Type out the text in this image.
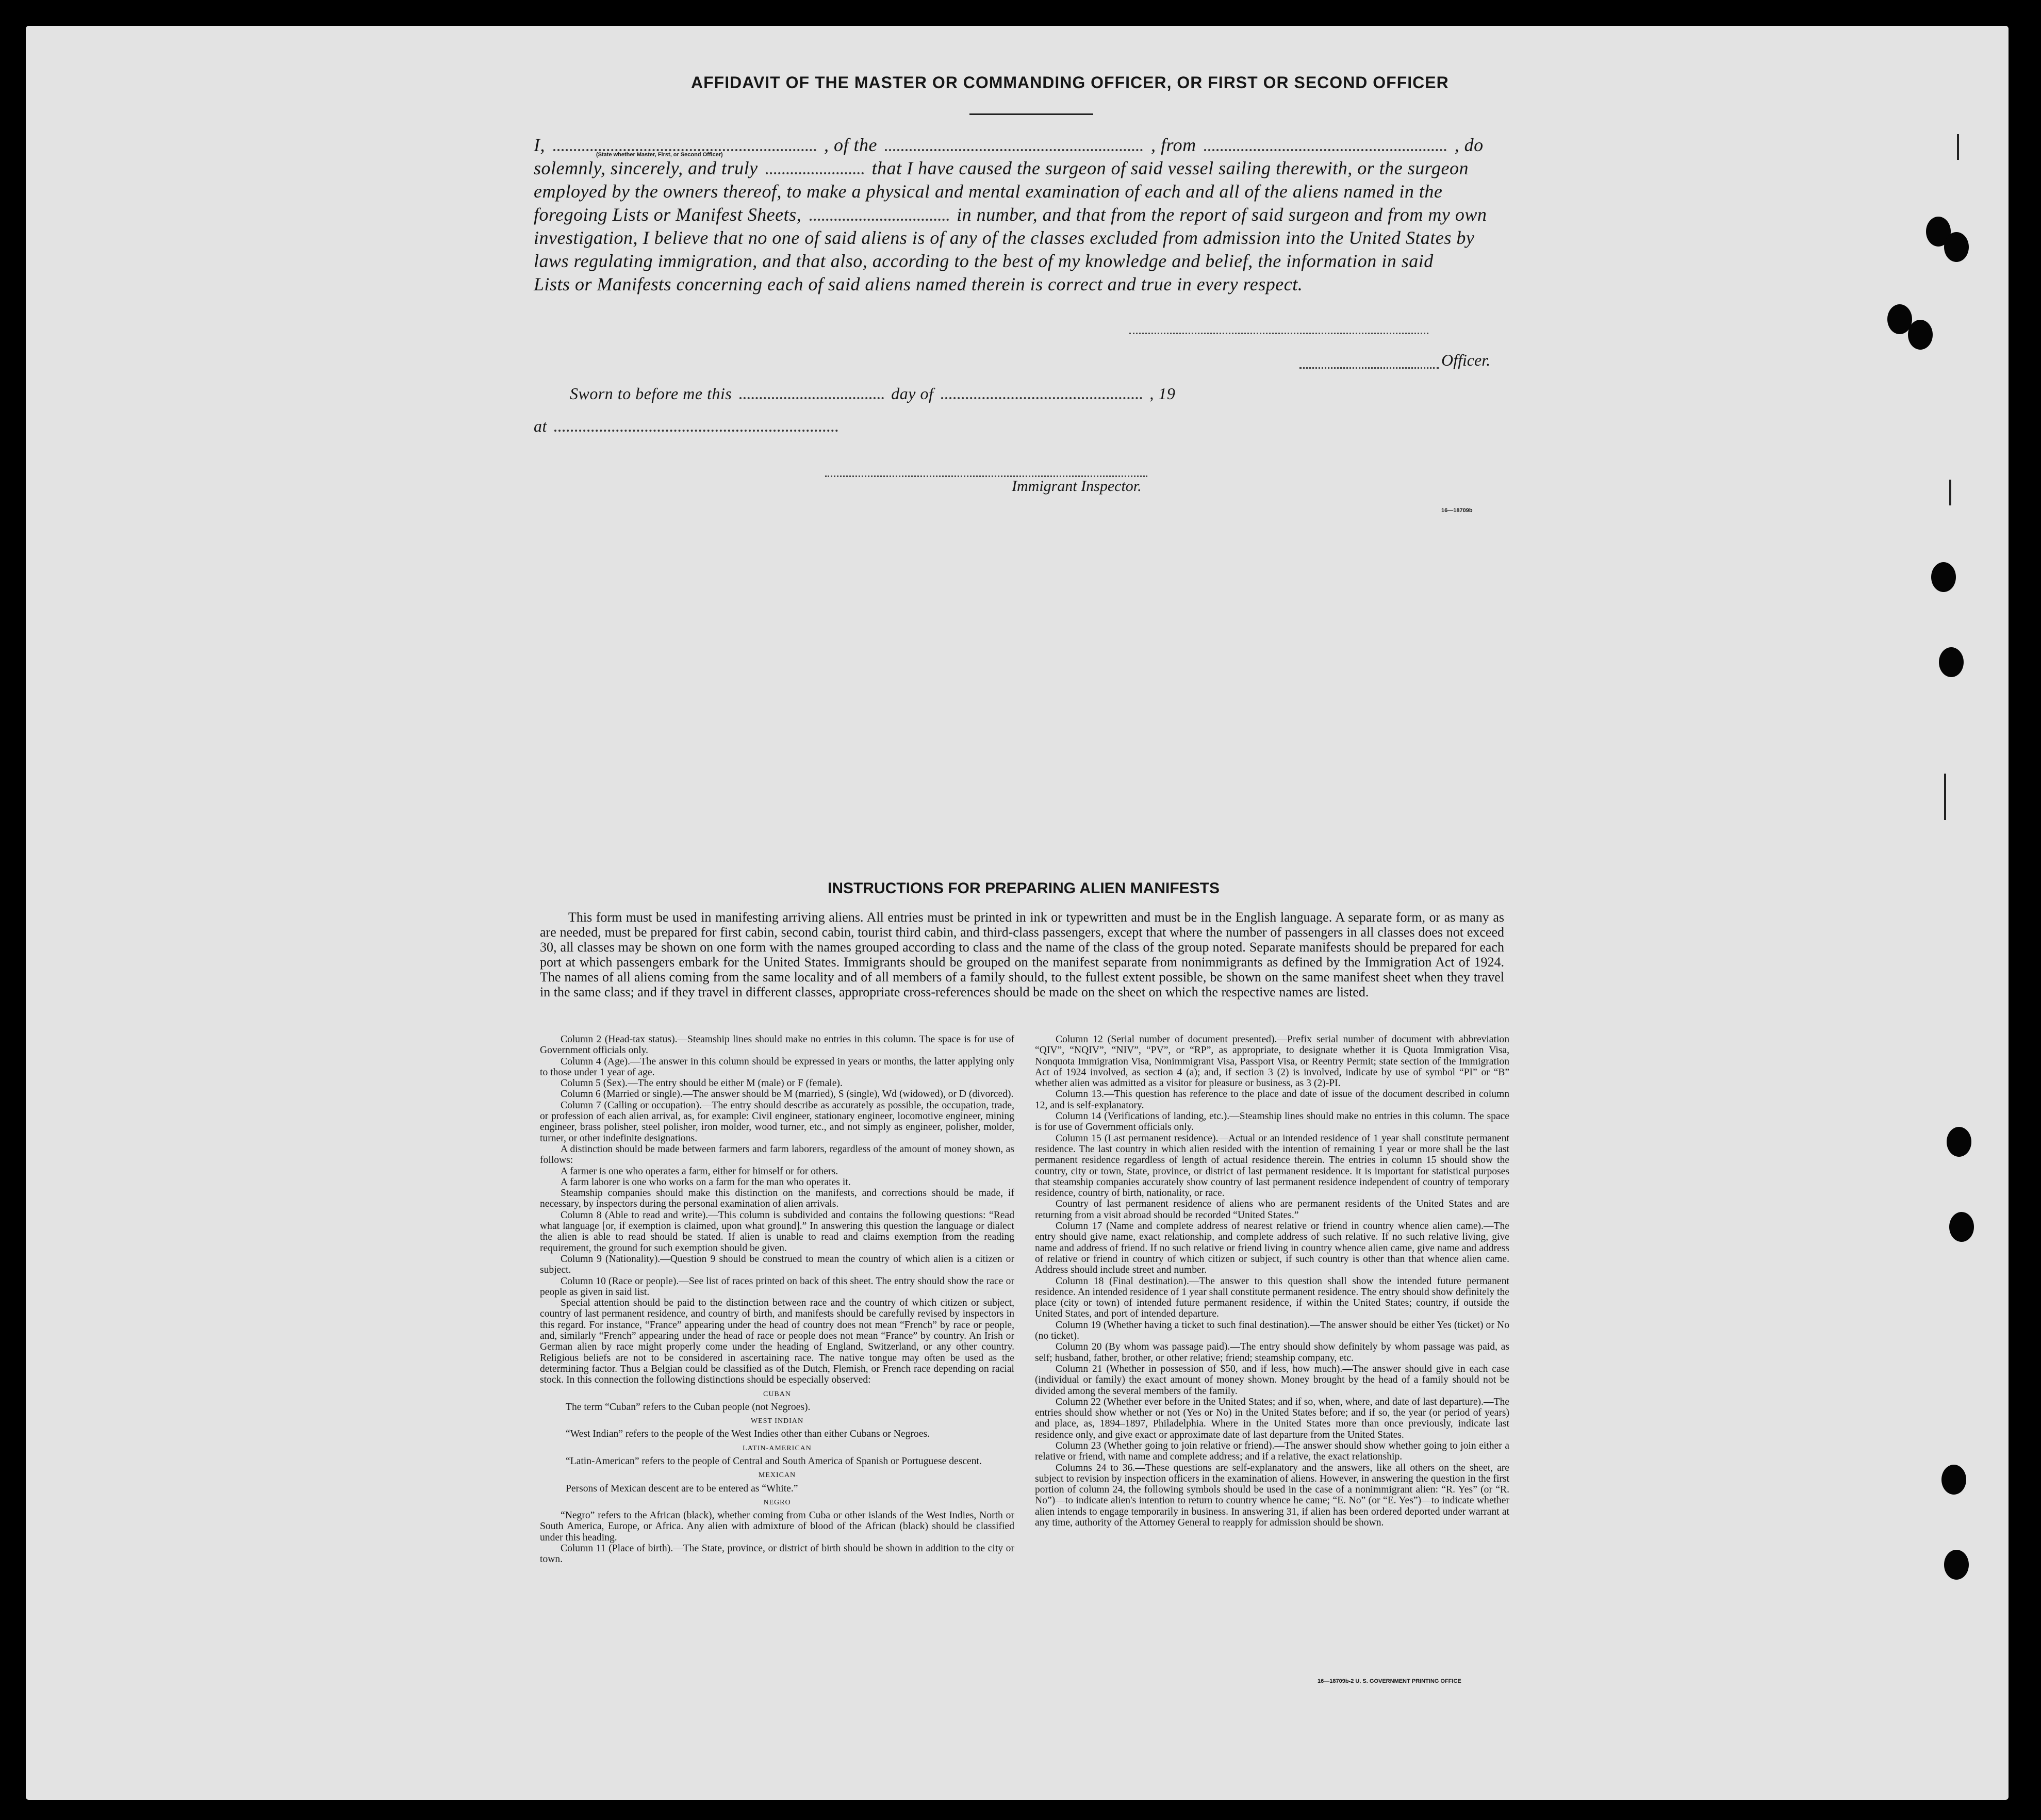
AFFIDAVIT OF THE MASTER OR COMMANDING OFFICER, OR FIRST OR SECOND OFFICER
I,	, of the	, from	, do
(State whether Master, First, or Second Officer)
solemnly, sincerely, and truly	that I have caused the surgeon of said vessel sailing therewith, or the surgeon
employed by the owners thereof, to make a physical and mental examination of each and all of the aliens named in the
foregoing Lists or Manifest Sheets,	in number, and that from the report of said surgeon and from my own
investigation, I believe that no one of said aliens is of any of the classes excluded from admission into the United States by
laws regulating immigration, and that also, according to the best of my knowledge and belief, the information in said
Lists or Manifests concerning each of said aliens named therein is correct and true in every respect.
Officer.
Sworn to before me this	day of	, 19
at
Immigrant Inspector.
16—18709b
INSTRUCTIONS FOR PREPARING ALIEN MANIFESTS
This form must be used in manifesting arriving aliens. All entries must be printed in ink or typewritten and must be in the English language. A separate form, or as many as are needed, must be prepared for first cabin, second cabin, tourist third cabin, and third-class passengers, except that where the number of passengers in all classes does not exceed 30, all classes may be shown on one form with the names grouped according to class and the name of the class of the group noted. Separate manifests should be prepared for each port at which passengers embark for the United States. Immigrants should be grouped on the manifest separate from nonimmigrants as defined by the Immigration Act of 1924. The names of all aliens coming from the same locality and of all members of a family should, to the fullest extent possible, be shown on the same manifest sheet when they travel in the same class; and if they travel in different classes, appropriate cross-references should be made on the sheet on which the respective names are listed.

Column 2 (Head-tax status).—Steamship lines should make no entries in this column. The space is for use of Government officials only.

Column 4 (Age).—The answer in this column should be expressed in years or months, the latter applying only to those under 1 year of age.

Column 5 (Sex).—The entry should be either M (male) or F (female).

Column 6 (Married or single).—The answer should be M (married), S (single), Wd (widowed), or D (divorced).

Column 7 (Calling or occupation).—The entry should describe as accurately as possible, the occupation, trade, or profession of each alien arrival, as, for example: Civil engineer, stationary engineer, locomotive engineer, mining engineer, brass polisher, steel polisher, iron molder, wood turner, etc., and not simply as engineer, polisher, molder, turner, or other indefinite designations.

A distinction should be made between farmers and farm laborers, regardless of the amount of money shown, as follows:

A farmer is one who operates a farm, either for himself or for others.

A farm laborer is one who works on a farm for the man who operates it.

Steamship companies should make this distinction on the manifests, and corrections should be made, if necessary, by inspectors during the personal examination of alien arrivals.

Column 8 (Able to read and write).—This column is subdivided and contains the following questions: “Read what language [or, if exemption is claimed, upon what ground].” In answering this question the language or dialect the alien is able to read should be stated. If alien is unable to read and claims exemption from the reading requirement, the ground for such exemption should be given.

Column 9 (Nationality).—Question 9 should be construed to mean the country of which alien is a citizen or subject.

Column 10 (Race or people).—See list of races printed on back of this sheet. The entry should show the race or people as given in said list.

Special attention should be paid to the distinction between race and the country of which citizen or subject, country of last permanent residence, and country of birth, and manifests should be carefully revised by inspectors in this regard. For instance, “France” appearing under the head of country does not mean “French” by race or people, and, similarly “French” appearing under the head of race or people does not mean “France” by country. An Irish or German alien by race might properly come under the heading of England, Switzerland, or any other country. Religious beliefs are not to be considered in ascertaining race. The native tongue may often be used as the determining factor. Thus a Belgian could be classified as of the Dutch, Flemish, or French race depending on racial stock. In this connection the following distinctions should be especially observed:

CUBAN

The term “Cuban” refers to the Cuban people (not Negroes).

WEST INDIAN

“West Indian” refers to the people of the West Indies other than either Cubans or Negroes.

LATIN-AMERICAN

“Latin-American” refers to the people of Central and South America of Spanish or Portuguese descent.

MEXICAN

Persons of Mexican descent are to be entered as “White.”

NEGRO

“Negro” refers to the African (black), whether coming from Cuba or other islands of the West Indies, North or South America, Europe, or Africa. Any alien with admixture of blood of the African (black) should be classified under this heading.

Column 11 (Place of birth).—The State, province, or district of birth should be shown in addition to the city or town.

Column 12 (Serial number of document presented).—Prefix serial number of document with abbreviation “QIV”, “NQIV”, “NIV”, “PV”, or “RP”, as appropriate, to designate whether it is Quota Immigration Visa, Nonquota Immigration Visa, Nonimmigrant Visa, Passport Visa, or Reentry Permit; state section of the Immigration Act of 1924 involved, as section 4 (a); and, if section 3 (2) is involved, indicate by use of symbol “PI” or “B” whether alien was admitted as a visitor for pleasure or business, as 3 (2)-PI.

Column 13.—This question has reference to the place and date of issue of the document described in column 12, and is self-explanatory.

Column 14 (Verifications of landing, etc.).—Steamship lines should make no entries in this column. The space is for use of Government officials only.

Column 15 (Last permanent residence).—Actual or an intended residence of 1 year shall constitute permanent residence. The last country in which alien resided with the intention of remaining 1 year or more shall be the last permanent residence regardless of length of actual residence therein. The entries in column 15 should show the country, city or town, State, province, or district of last permanent residence. It is important for statistical purposes that steamship companies accurately show country of last permanent residence independent of country of temporary residence, country of birth, nationality, or race.

Country of last permanent residence of aliens who are permanent residents of the United States and are returning from a visit abroad should be recorded “United States.”

Column 17 (Name and complete address of nearest relative or friend in country whence alien came).—The entry should give name, exact relationship, and complete address of such relative. If no such relative living, give name and address of friend. If no such relative or friend living in country whence alien came, give name and address of relative or friend in country of which citizen or subject, if such country is other than that whence alien came. Address should include street and number.

Column 18 (Final destination).—The answer to this question shall show the intended future permanent residence. An intended residence of 1 year shall constitute permanent residence. The entry should show definitely the place (city or town) of intended future permanent residence, if within the United States; country, if outside the United States, and port of intended departure.

Column 19 (Whether having a ticket to such final destination).—The answer should be either Yes (ticket) or No (no ticket).

Column 20 (By whom was passage paid).—The entry should show definitely by whom passage was paid, as self; husband, father, brother, or other relative; friend; steamship company, etc.

Column 21 (Whether in possession of $50, and if less, how much).—The answer should give in each case (individual or family) the exact amount of money shown. Money brought by the head of a family should not be divided among the several members of the family.

Column 22 (Whether ever before in the United States; and if so, when, where, and date of last departure).—The entries should show whether or not (Yes or No) in the United States before; and if so, the year (or period of years) and place, as, 1894–1897, Philadelphia. Where in the United States more than once previously, indicate last residence only, and give exact or approximate date of last departure from the United States.

Column 23 (Whether going to join relative or friend).—The answer should show whether going to join either a relative or friend, with name and complete address; and if a relative, the exact relationship.

Columns 24 to 36.—These questions are self-explanatory and the answers, like all others on the sheet, are subject to revision by inspection officers in the examination of aliens. However, in answering the question in the first portion of column 24, the following symbols should be used in the case of a nonimmigrant alien: “R. Yes” (or “R. No”)—to indicate alien's intention to return to country whence he came; “E. No” (or “E. Yes”)—to indicate whether alien intends to engage temporarily in business. In answering 31, if alien has been ordered deported under warrant at any time, authority of the Attorney General to reapply for admission should be shown.

16—18709b-2 U. S. GOVERNMENT PRINTING OFFICE
